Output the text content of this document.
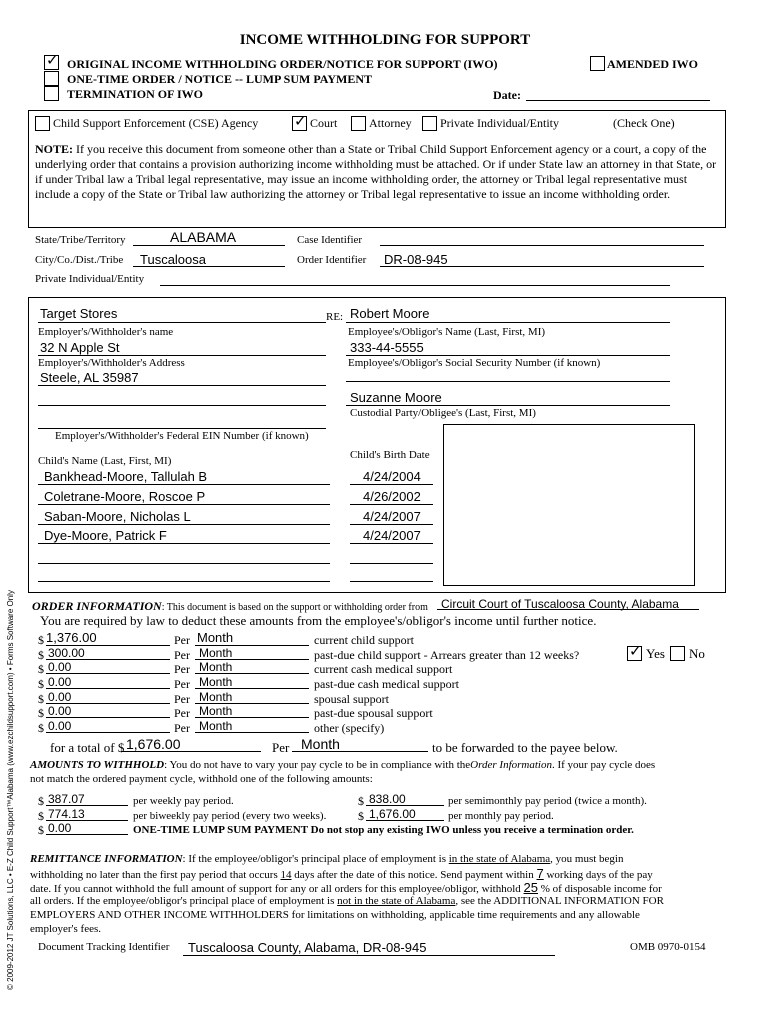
© 2009-2012 JT Solutions, LLC • E-Z Child Support™Alabama (www.ezchildsupport.com) • Forms Software Only
INCOME WITHHOLDING FOR SUPPORT
✓ ORIGINAL INCOME WITHHOLDING ORDER/NOTICE FOR SUPPORT (IWO)
ONE-TIME ORDER / NOTICE -- LUMP SUM PAYMENT
TERMINATION OF IWO
AMENDED IWO
Date:
Child Support Enforcement (CSE) Agency ✓ Court	Attorney Private Individual/Entity	(Check One)
NOTE: If you receive this document from someone other than a State or Tribal Child Support Enforcement agency or a court, a copy of the underlying order that contains a provision authorizing income withholding must be attached. Or if under State law an attorney in that State, or if under Tribal law a Tribal legal representative, may issue an income withholding order, the attorney or Tribal legal representative must include a copy of the State or Tribal law authorizing the attorney or Tribal legal representative to issue an income withholding order.
State/Tribe/Territory	ALABAMA
City/Co./Dist./Tribe Tuscaloosa
Private Individual/Entity
Case Identifier
Order Identifier DR-08-945
Target Stores
Employer's/Withholder's name
32 N Apple St
Employer's/Withholder's Address
Steele, AL 35987
Employer's/Withholder's Federal EIN Number (if known)
RE: Robert Moore
Employee's/Obligor's Name (Last, First, MI)
333-44-5555
Employee's/Obligor's Social Security Number (if known)
Suzanne Moore
Custodial Party/Obligee's (Last, First, MI)
Child's Name (Last, First, MI)	Child's Birth Date
Bankhead-Moore, Tallulah B	4/24/2004
Coletrane-Moore, Roscoe P	4/26/2002
Saban-Moore, Nicholas L	4/24/2007
Dye-Moore, Patrick F	4/24/2007
ORDER INFORMATION: This document is based on the support or withholding order from Circuit Court of Tuscaloosa County, Alabama
You are required by law to deduct these amounts from the employee's/obligor's income until further notice.
$ 1,376.00	Per Month	current child support
$ 300.00	Per Month	past-due child support - Arrears greater than 12 weeks?
$ 0.00	Per Month	current cash medical support
$ 0.00	Per Month	past-due cash medical support
$ 0.00	Per Month	spousal support
$ 0.00	Per Month	past-due spousal support
$ 0.00	Per Month	other (specify)
✓ Yes No
for a total of $ 1,676.00	Per Month	to be forwarded to the payee below.
AMOUNTS TO WITHHOLD: You do not have to vary your pay cycle to be in compliance with theOrder Information. If your pay cycle does
not match the ordered payment cycle, withhold one of the following amounts:
$ 387.07	per weekly pay period.
$ 774.13	per biweekly pay period (every two weeks).
$ 0.00	ONE-TIME LUMP SUM PAYMENT Do not stop any existing IWO unless you receive a termination order.
$ 838.00	per semimonthly pay period (twice a month).
$ 1,676.00	per monthly pay period.
REMITTANCE INFORMATION: If the employee/obligor's principal place of employment is in the state of Alabama, you must begin
withholding no later than the first pay period that occurs 14 days after the date of this notice. Send payment within 7 working days of the pay
date. If you cannot withhold the full amount of support for any or all orders for this employee/obligor, withhold 25 % of disposable income for
all orders. If the employee/obligor's principal place of employment is not in the state of Alabama, see the ADDITIONAL INFORMATION FOR
EMPLOYERS AND OTHER INCOME WITHHOLDERS for limitations on withholding, applicable time requirements and any allowable
employer's fees.
Document Tracking Identifier Tuscaloosa County, Alabama, DR-08-945	OMB 0970-0154
